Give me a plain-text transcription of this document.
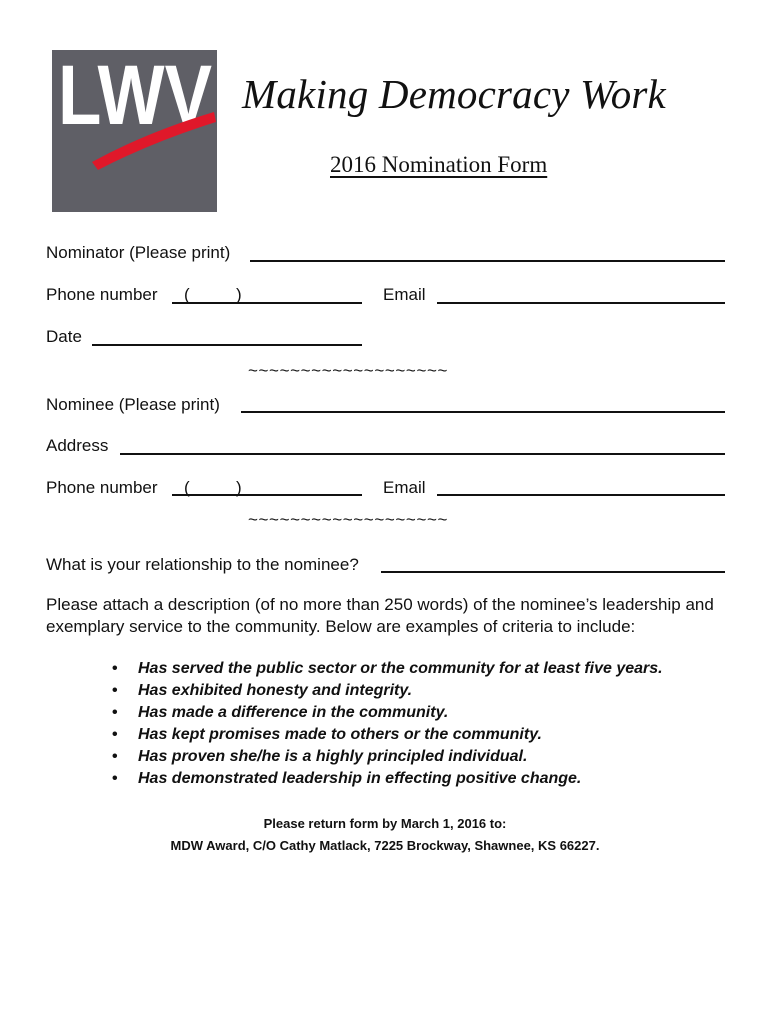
LWV Making Democracy Work
2016 Nomination Form
Nominator (Please print)
Phone number (	)	Email
Date
~~~~~~~~~~~~~~~~~~~
Nominee (Please print)
Address
Phone number (	)	Email
~~~~~~~~~~~~~~~~~~~
What is your relationship to the nominee?
Please attach a description (of no more than 250 words) of the nominee’s leadership and exemplary service to the community. Below are examples of criteria to include:
• Has served the public sector or the community for at least five years.
• Has exhibited honesty and integrity.
• Has made a difference in the community.
• Has kept promises made to others or the community.
• Has proven she/he is a highly principled individual.
• Has demonstrated leadership in effecting positive change.
Please return form by March 1, 2016 to:
MDW Award, C/O Cathy Matlack, 7225 Brockway, Shawnee, KS 66227.
